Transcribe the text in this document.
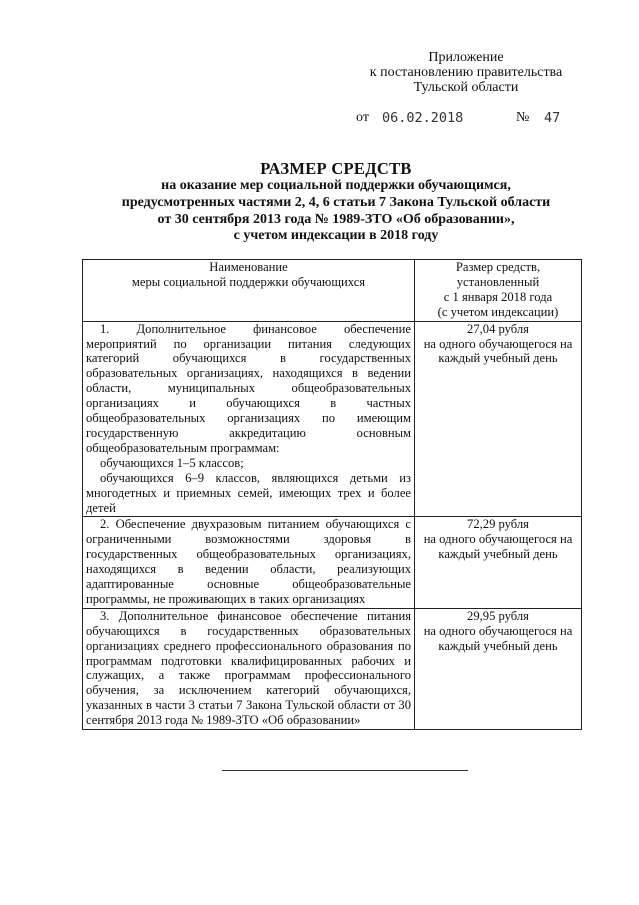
Приложение
к постановлению правительства
Тульской области
от 06.02.2018	№ 47
РАЗМЕР СРЕДСТВ
на оказание мер социальной поддержки обучающимся,
предусмотренных частями 2, 4, 6 статьи 7 Закона Тульской области
от 30 сентября 2013 года № 1989-ЗТО «Об образовании»,
с учетом индексации в 2018 году
Наименование
меры социальной поддержки обучающихся	Размер средств,
установленный
с 1 января 2018 года
(с учетом индексации)

1. Дополнительное финансовое обеспечение мероприятий по организации питания следующих категорий обучающихся в государственных образовательных организациях, находящихся в ведении области, муниципальных общеобразовательных организациях и обучающихся в частных общеобразовательных организациях по имеющим государственную аккредитацию основным общеобразовательным программам:
обучающихся 1–5 классов;
обучающихся 6–9 классов, являющихся детьми из многодетных и приемных семей, имеющих трех и более детей	27,04 рубля
на одного обучающегося на каждый учебный день

2. Обеспечение двухразовым питанием обучающихся с ограниченными возможностями здоровья в государственных общеобразовательных организациях, находящихся в ведении области, реализующих адаптированные основные общеобразовательные программы, не проживающих в таких организациях	72,29 рубля
на одного обучающегося на каждый учебный день

3. Дополнительное финансовое обеспечение питания обучающихся в государственных образовательных организациях среднего профессионального образования по программам подготовки квалифицированных рабочих и служащих, а также программам профессионального обучения, за исключением категорий обучающихся, указанных в части 3 статьи 7 Закона Тульской области от 30 сентября 2013 года № 1989-ЗТО «Об образовании»	29,95 рубля
на одного обучающегося на каждый учебный день
